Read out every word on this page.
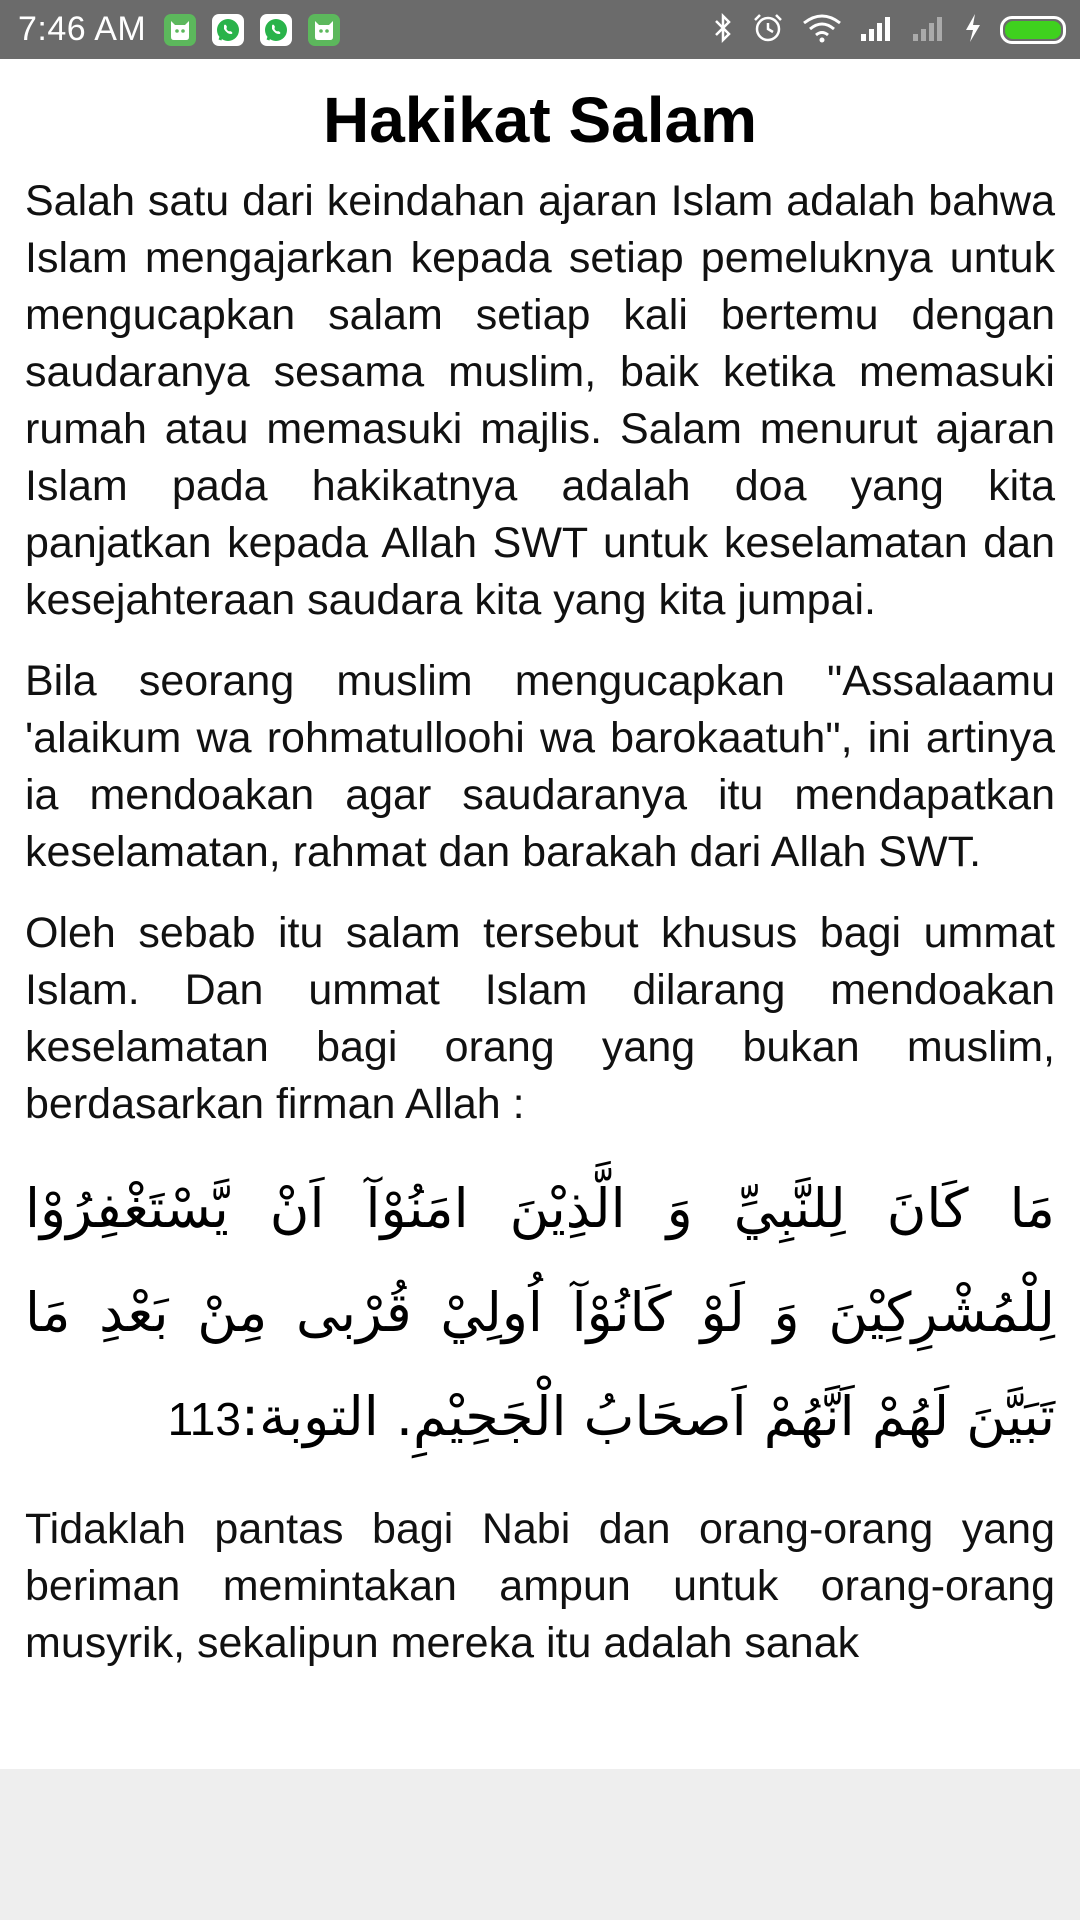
7:46 AM
Hakikat Salam

Salah satu dari keindahan ajaran Islam adalah bahwa Islam mengajarkan kepada setiap pemeluknya untuk mengucapkan salam setiap kali bertemu dengan saudaranya sesama muslim, baik ketika memasuki rumah atau memasuki majlis. Salam menurut ajaran Islam pada hakikatnya adalah doa yang kita panjatkan kepada Allah SWT untuk keselamatan dan kesejahteraan saudara kita yang kita jumpai.

Bila seorang muslim mengucapkan "Assalaamu 'alaikum wa rohmatulloohi wa barokaatuh", ini artinya ia mendoakan agar saudaranya itu mendapatkan keselamatan, rahmat dan barakah dari Allah SWT.

Oleh sebab itu salam tersebut khusus bagi ummat Islam. Dan ummat Islam dilarang mendoakan keselamatan bagi orang yang bukan muslim, berdasarkan firman Allah :

مَا كَانَ لِلنَّبِيِّ وَ الَّذِيْنَ امَنُوْآ اَنْ يَّسْتَغْفِرُوْا لِلْمُشْرِكِيْنَ وَ لَوْ كَانُوْآ اُولِيْ قُرْبى مِنْ بَعْدِ مَا تَبَيَّنَ لَهُمْ اَنَّهُمْ اَصحَابُ الْجَحِيْمِ. التوبة:113

Tidaklah pantas bagi Nabi dan orang-orang yang beriman memintakan ampun untuk orang-orang musyrik, sekalipun mereka itu adalah sanak
